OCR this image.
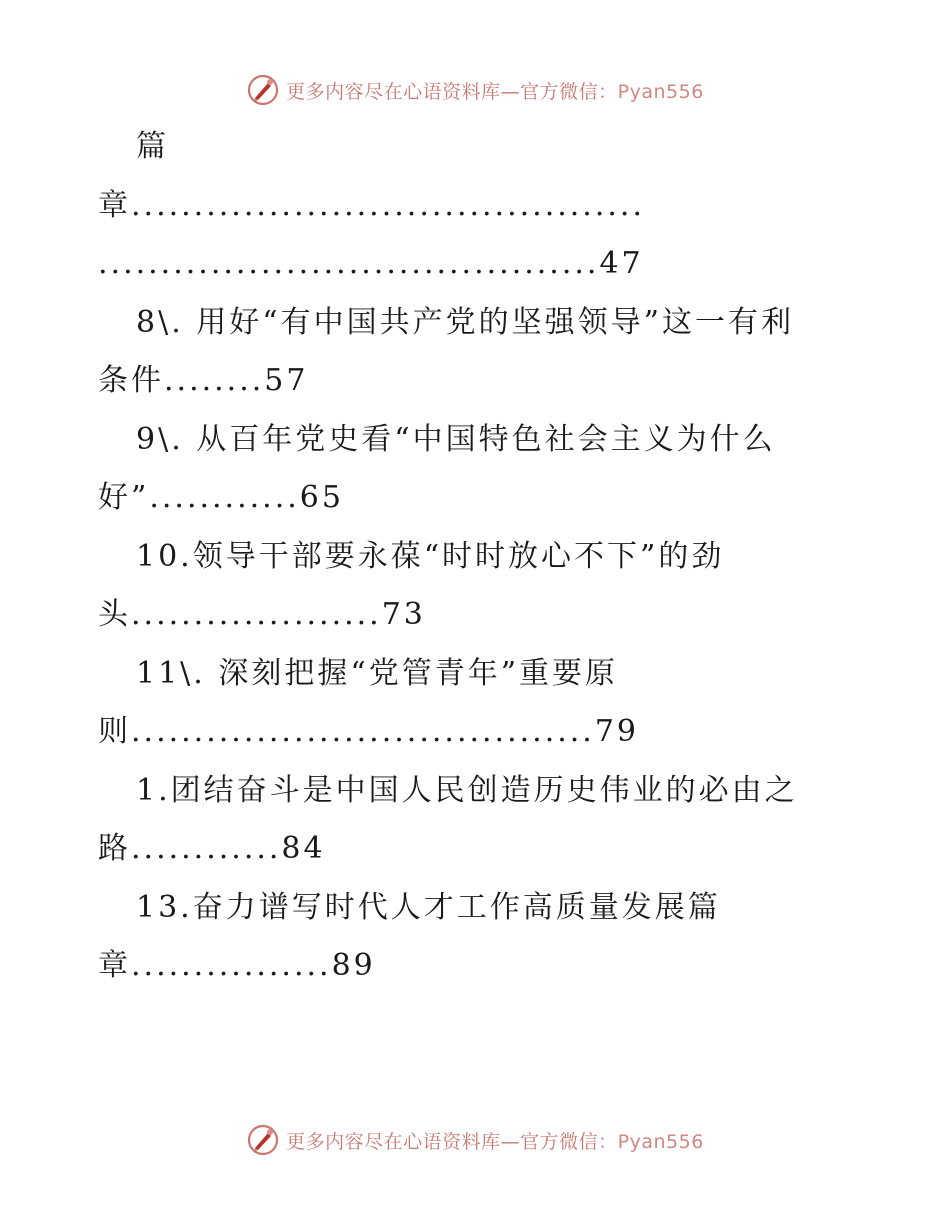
更多内容尽在心语资料库—官方微信：Pyan556
篇
章.........................................
........................................47
8\. 用好“有中国共产党的坚强领导”这一有利
条件........57
9\. 从百年党史看“中国特色社会主义为什么
好”............65
10.领导干部要永葆“时时放心不下”的劲
头....................73
11\. 深刻把握“党管青年”重要原
则.....................................79
1.团结奋斗是中国人民创造历史伟业的必由之
路............84
13.奋力谱写时代人才工作高质量发展篇
章................89
更多内容尽在心语资料库—官方微信：Pyan556
